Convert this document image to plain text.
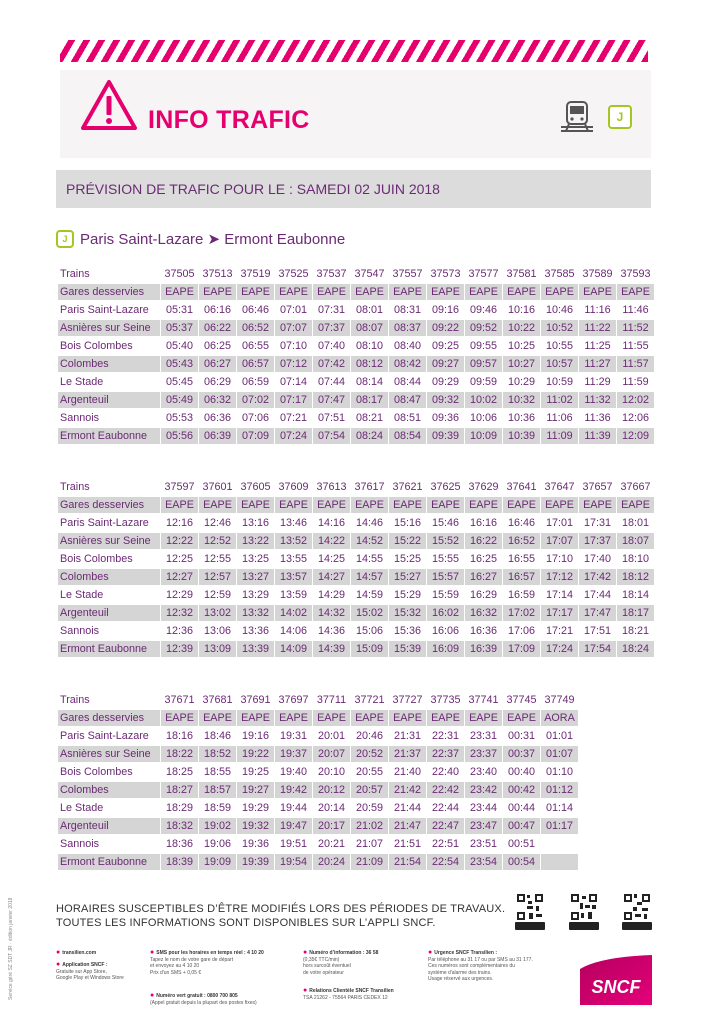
INFO TRAFIC	J
PRÉVISION DE TRAFIC POUR LE : SAMEDI 02 JUIN 2018
J Paris Saint-Lazare ➤ Ermont Eaubonne
Trains	37505	37513	37519	37525	37537	37547	37557	37573	37577	37581	37585	37589	37593
Gares desservies	EAPE	EAPE	EAPE	EAPE	EAPE	EAPE	EAPE	EAPE	EAPE	EAPE	EAPE	EAPE	EAPE
Paris Saint-Lazare	05:31	06:16	06:46	07:01	07:31	08:01	08:31	09:16	09:46	10:16	10:46	11:16	11:46
Asnières sur Seine	05:37	06:22	06:52	07:07	07:37	08:07	08:37	09:22	09:52	10:22	10:52	11:22	11:52
Bois Colombes	05:40	06:25	06:55	07:10	07:40	08:10	08:40	09:25	09:55	10:25	10:55	11:25	11:55
Colombes	05:43	06:27	06:57	07:12	07:42	08:12	08:42	09:27	09:57	10:27	10:57	11:27	11:57
Le Stade	05:45	06:29	06:59	07:14	07:44	08:14	08:44	09:29	09:59	10:29	10:59	11:29	11:59
Argenteuil	05:49	06:32	07:02	07:17	07:47	08:17	08:47	09:32	10:02	10:32	11:02	11:32	12:02
Sannois	05:53	06:36	07:06	07:21	07:51	08:21	08:51	09:36	10:06	10:36	11:06	11:36	12:06
Ermont Eaubonne	05:56	06:39	07:09	07:24	07:54	08:24	08:54	09:39	10:09	10:39	11:09	11:39	12:09
Trains	37597	37601	37605	37609	37613	37617	37621	37625	37629	37641	37647	37657	37667
Gares desservies	EAPE	EAPE	EAPE	EAPE	EAPE	EAPE	EAPE	EAPE	EAPE	EAPE	EAPE	EAPE	EAPE
Paris Saint-Lazare	12:16	12:46	13:16	13:46	14:16	14:46	15:16	15:46	16:16	16:46	17:01	17:31	18:01
Asnières sur Seine	12:22	12:52	13:22	13:52	14:22	14:52	15:22	15:52	16:22	16:52	17:07	17:37	18:07
Bois Colombes	12:25	12:55	13:25	13:55	14:25	14:55	15:25	15:55	16:25	16:55	17:10	17:40	18:10
Colombes	12:27	12:57	13:27	13:57	14:27	14:57	15:27	15:57	16:27	16:57	17:12	17:42	18:12
Le Stade	12:29	12:59	13:29	13:59	14:29	14:59	15:29	15:59	16:29	16:59	17:14	17:44	18:14
Argenteuil	12:32	13:02	13:32	14:02	14:32	15:02	15:32	16:02	16:32	17:02	17:17	17:47	18:17
Sannois	12:36	13:06	13:36	14:06	14:36	15:06	15:36	16:06	16:36	17:06	17:21	17:51	18:21
Ermont Eaubonne	12:39	13:09	13:39	14:09	14:39	15:09	15:39	16:09	16:39	17:09	17:24	17:54	18:24
Trains	37671	37681	37691	37697	37711	37721	37727	37735	37741	37745	37749
Gares desservies	EAPE	EAPE	EAPE	EAPE	EAPE	EAPE	EAPE	EAPE	EAPE	EAPE	AORA
Paris Saint-Lazare	18:16	18:46	19:16	19:31	20:01	20:46	21:31	22:31	23:31	00:31	01:01
Asnières sur Seine	18:22	18:52	19:22	19:37	20:07	20:52	21:37	22:37	23:37	00:37	01:07
Bois Colombes	18:25	18:55	19:25	19:40	20:10	20:55	21:40	22:40	23:40	00:40	01:10
Colombes	18:27	18:57	19:27	19:42	20:12	20:57	21:42	22:42	23:42	00:42	01:12
Le Stade	18:29	18:59	19:29	19:44	20:14	20:59	21:44	22:44	23:44	00:44	01:14
Argenteuil	18:32	19:02	19:32	19:47	20:17	21:02	21:47	22:47	23:47	00:47	01:17
Sannois	18:36	19:06	19:36	19:51	20:21	21:07	21:51	22:51	23:51	00:51	
Ermont Eaubonne	18:39	19:09	19:39	19:54	20:24	21:09	21:54	22:54	23:54	00:54	
Service géré SZ SDT JR · édition janvier 2018	HORAIRES SUSCEPTIBLES D’ÊTRE MODIFIÉS LORS DES PÉRIODES DE TRAVAUX.
TOUTES LES INFORMATIONS SONT DISPONIBLES SUR L’APPLI SNCF.
● transilien.com
● Application SNCF :
Gratuite sur App Store,
Google Play et Windows Store
● SMS pour les horaires en temps réel : 4 10 20
Tapez le nom de votre gare de départ
et envoyez au 4 10 20
Prix d'un SMS + 0,05 €
● Numéro vert gratuit : 0800 700 805
(Appel gratuit depuis la plupart des postes fixes)
● Numéro d’information : 36 58
(0,35€ TTC/min)
hors surcoût éventuel
de votre opérateur
● Relations Clientèle SNCF Transilien
TSA 21262 - 75564 PARIS CEDEX 12
● Urgence SNCF Transilien :
Par téléphone au 31 17 ou par SMS au 31 177.
Ces numéros sont complémentaires du
système d'alarme des trains.
Usage réservé aux urgences.	SNCF
